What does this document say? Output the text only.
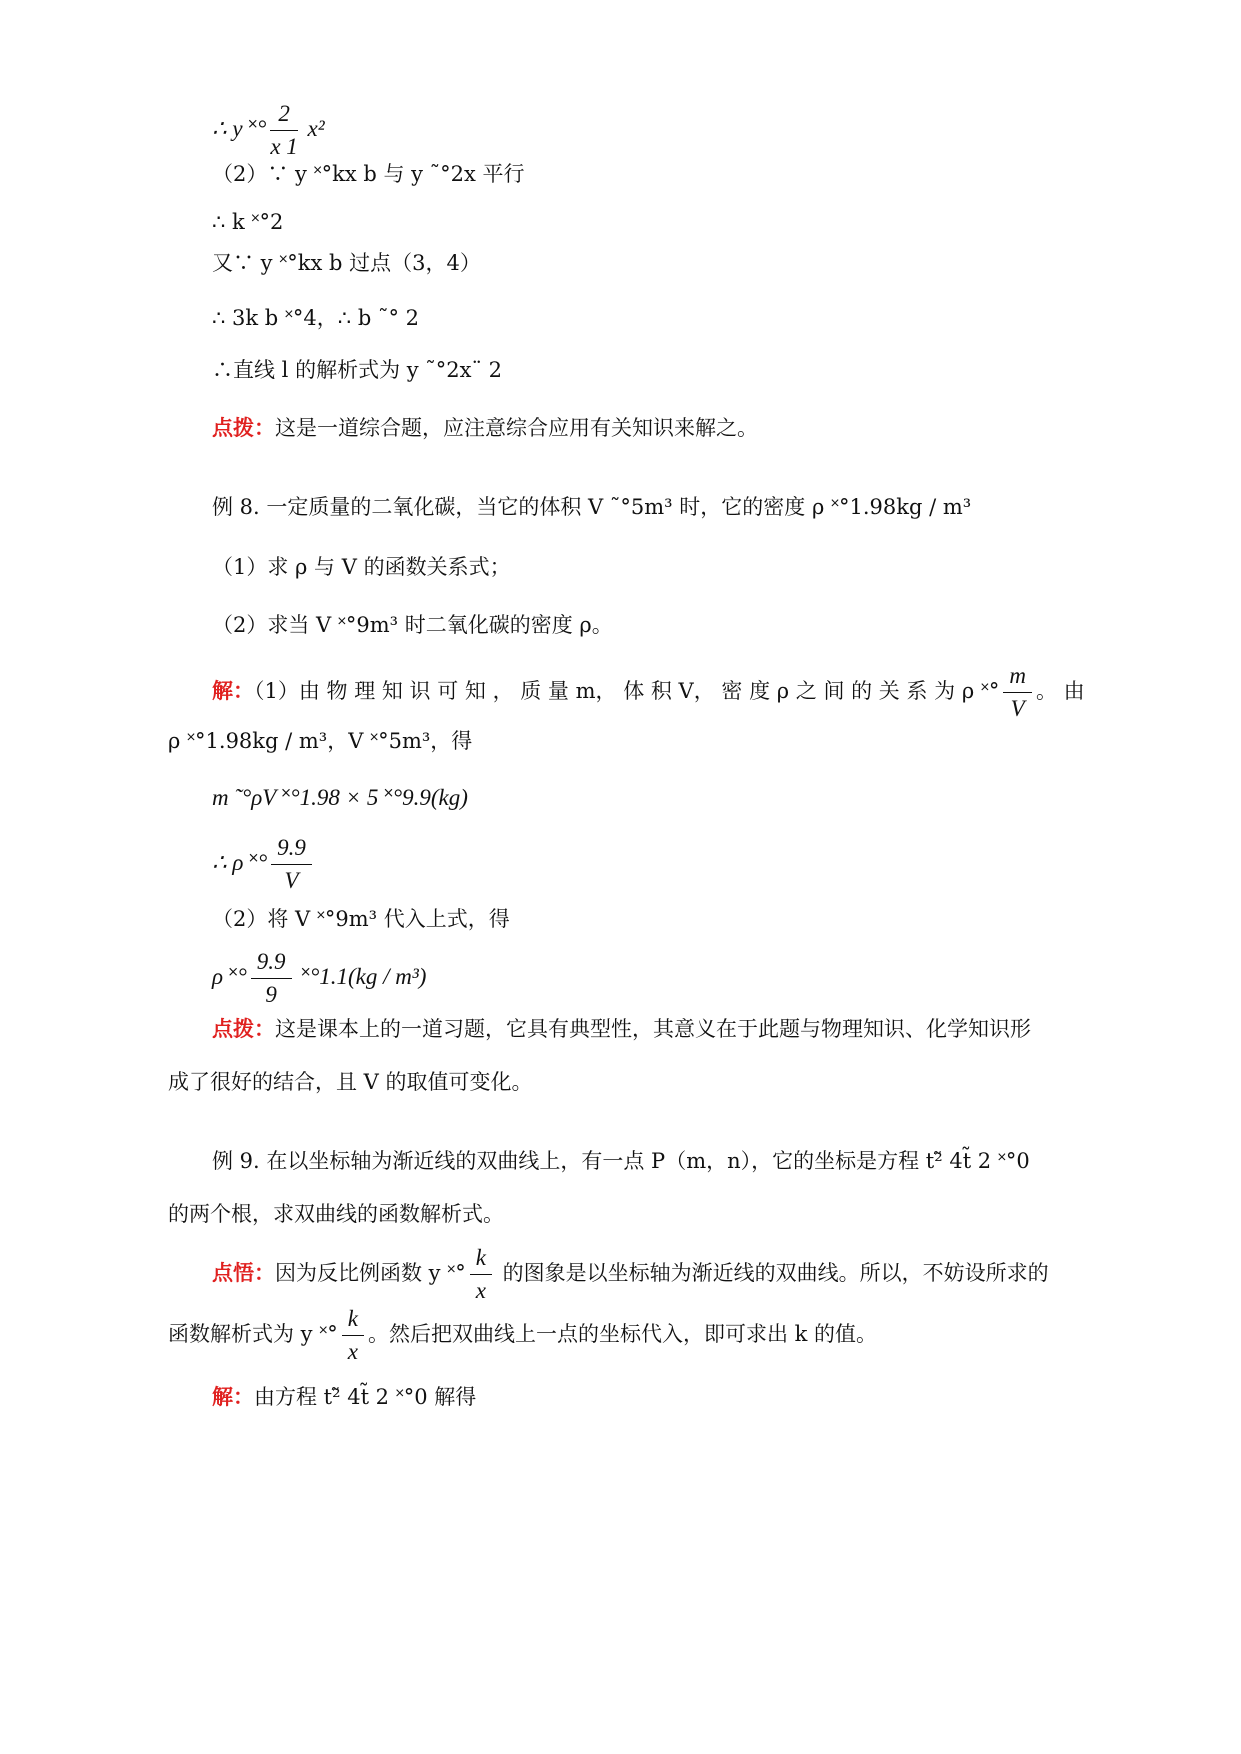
∴ y ˟° $\frac{2}{x 1} x^2$
（2）∵ y ˟°kx b 与 y ˜°2x 平行
∴ k ˟°2
又∵ y ˟°kx b 过点（3，4）
∴ 3k b ˟°4，∴ b ˜° 2
∴直线 l 的解析式为 y ˜°2x¨ 2
点拨：这是一道综合题，应注意综合应用有关知识来解之。
例 8. 一定质量的二氧化碳，当它的体积 V ˜°5m³ 时，它的密度 ρ ˟°1.98kg / m³
（1）求 ρ 与 V 的函数关系式；
（2）求当 V ˟°9m³ 时二氧化碳的密度 ρ。
解：（1）由 物 理 知 识 可 知 ， 质 量 m， 体 积 V， 密 度 ρ 之 间 的 关 系 为 ρ ˟° $\frac{m}{V}$ 。 由
ρ ˟°1.98kg / m³，V ˟°5m³，得
m ˜°ρV ˟°1.98 × 5 ˟°9.9(kg)
∴ ρ ˟° $\frac{9.9}{V}$
（2）将 V ˟°9m³ 代入上式，得
ρ ˟° $\frac{9.9}{9}$ ˟°1.1(kg / m³)
点拨：这是课本上的一道习题，它具有典型性，其意义在于此题与物理知识、化学知识形
成了很好的结合，且 V 的取值可变化。
例 9. 在以坐标轴为渐近线的双曲线上，有一点 P（m，n），它的坐标是方程 t²̃ 4t̃ 2 ˟°0
的两个根，求双曲线的函数解析式。
点悟：因为反比例函数 y ˟° $\frac{k}{x}$ 的图象是以坐标轴为渐近线的双曲线。所以，不妨设所求的
函数解析式为 y ˟° $\frac{k}{x}$ 。然后把双曲线上一点的坐标代入，即可求出 k 的值。
解：由方程 t²̃ 4t̃ 2 ˟°0 解得
